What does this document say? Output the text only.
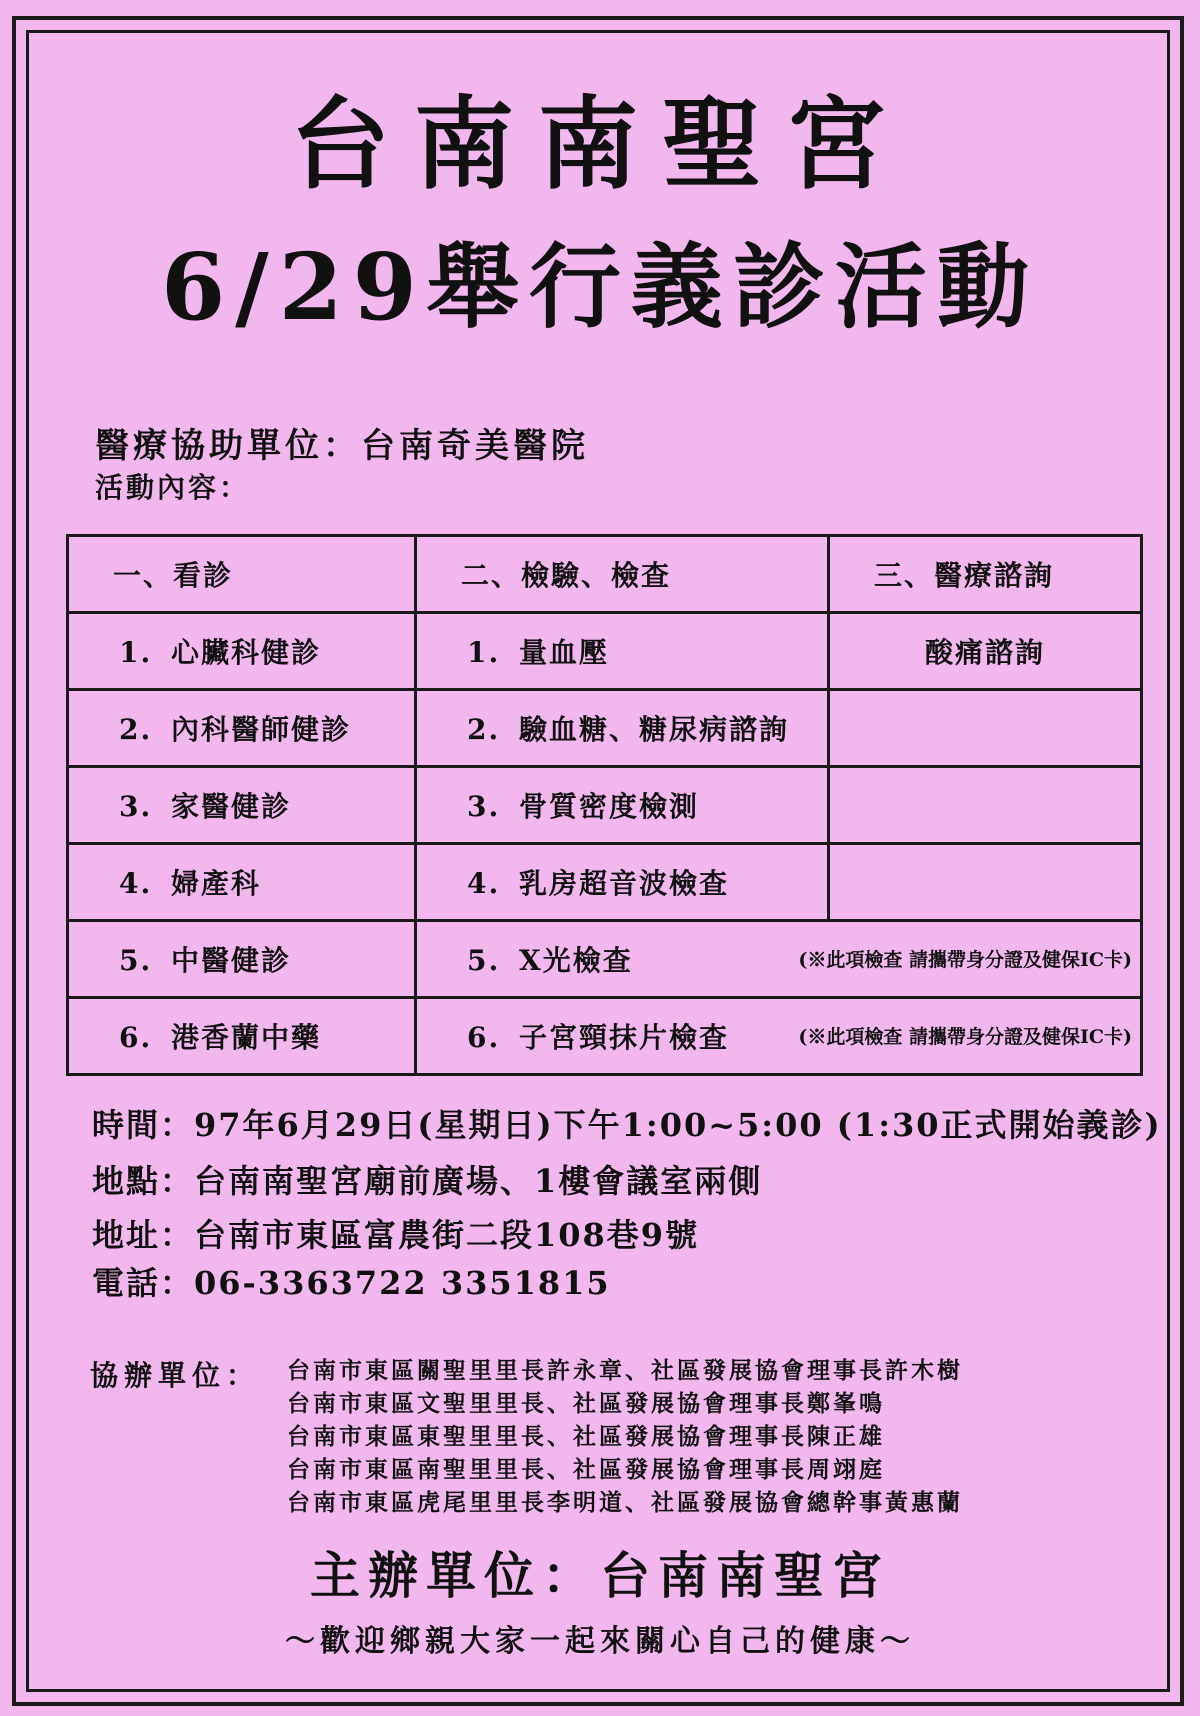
台南南聖宮
6/29舉行義診活動
醫療協助單位：台南奇美醫院
活動內容：
一、看診	二、檢驗、檢查	三、醫療諮詢
1. 心臟科健診	1. 量血壓	酸痛諮詢
2. 內科醫師健診	2. 驗血糖、糖尿病諮詢	
3. 家醫健診	3. 骨質密度檢測	
4. 婦產科	4. 乳房超音波檢查	
5. 中醫健診	5. X光檢查 (※此項檢查 請攜帶身分證及健保IC卡)	

6. 港香蘭中藥	6. 子宮頸抹片檢查 (※此項檢查 請攜帶身分證及健保IC卡)	
時間：97年6月29日(星期日)下午1:00~5:00 (1:30正式開始義診)
地點：台南南聖宮廟前廣場、1樓會議室兩側
地址：台南市東區富農街二段108巷9號
電話：06-3363722 3351815
協辦單位： 台南市東區關聖里里長許永章、社區發展協會理事長許木樹
台南市東區文聖里里長、社區發展協會理事長鄭峯鳴
台南市東區東聖里里長、社區發展協會理事長陳正雄
台南市東區南聖里里長、社區發展協會理事長周翊庭
台南市東區虎尾里里長李明道、社區發展協會總幹事黃惠蘭
主辦單位：台南南聖宮
～歡迎鄉親大家一起來關心自己的健康～
